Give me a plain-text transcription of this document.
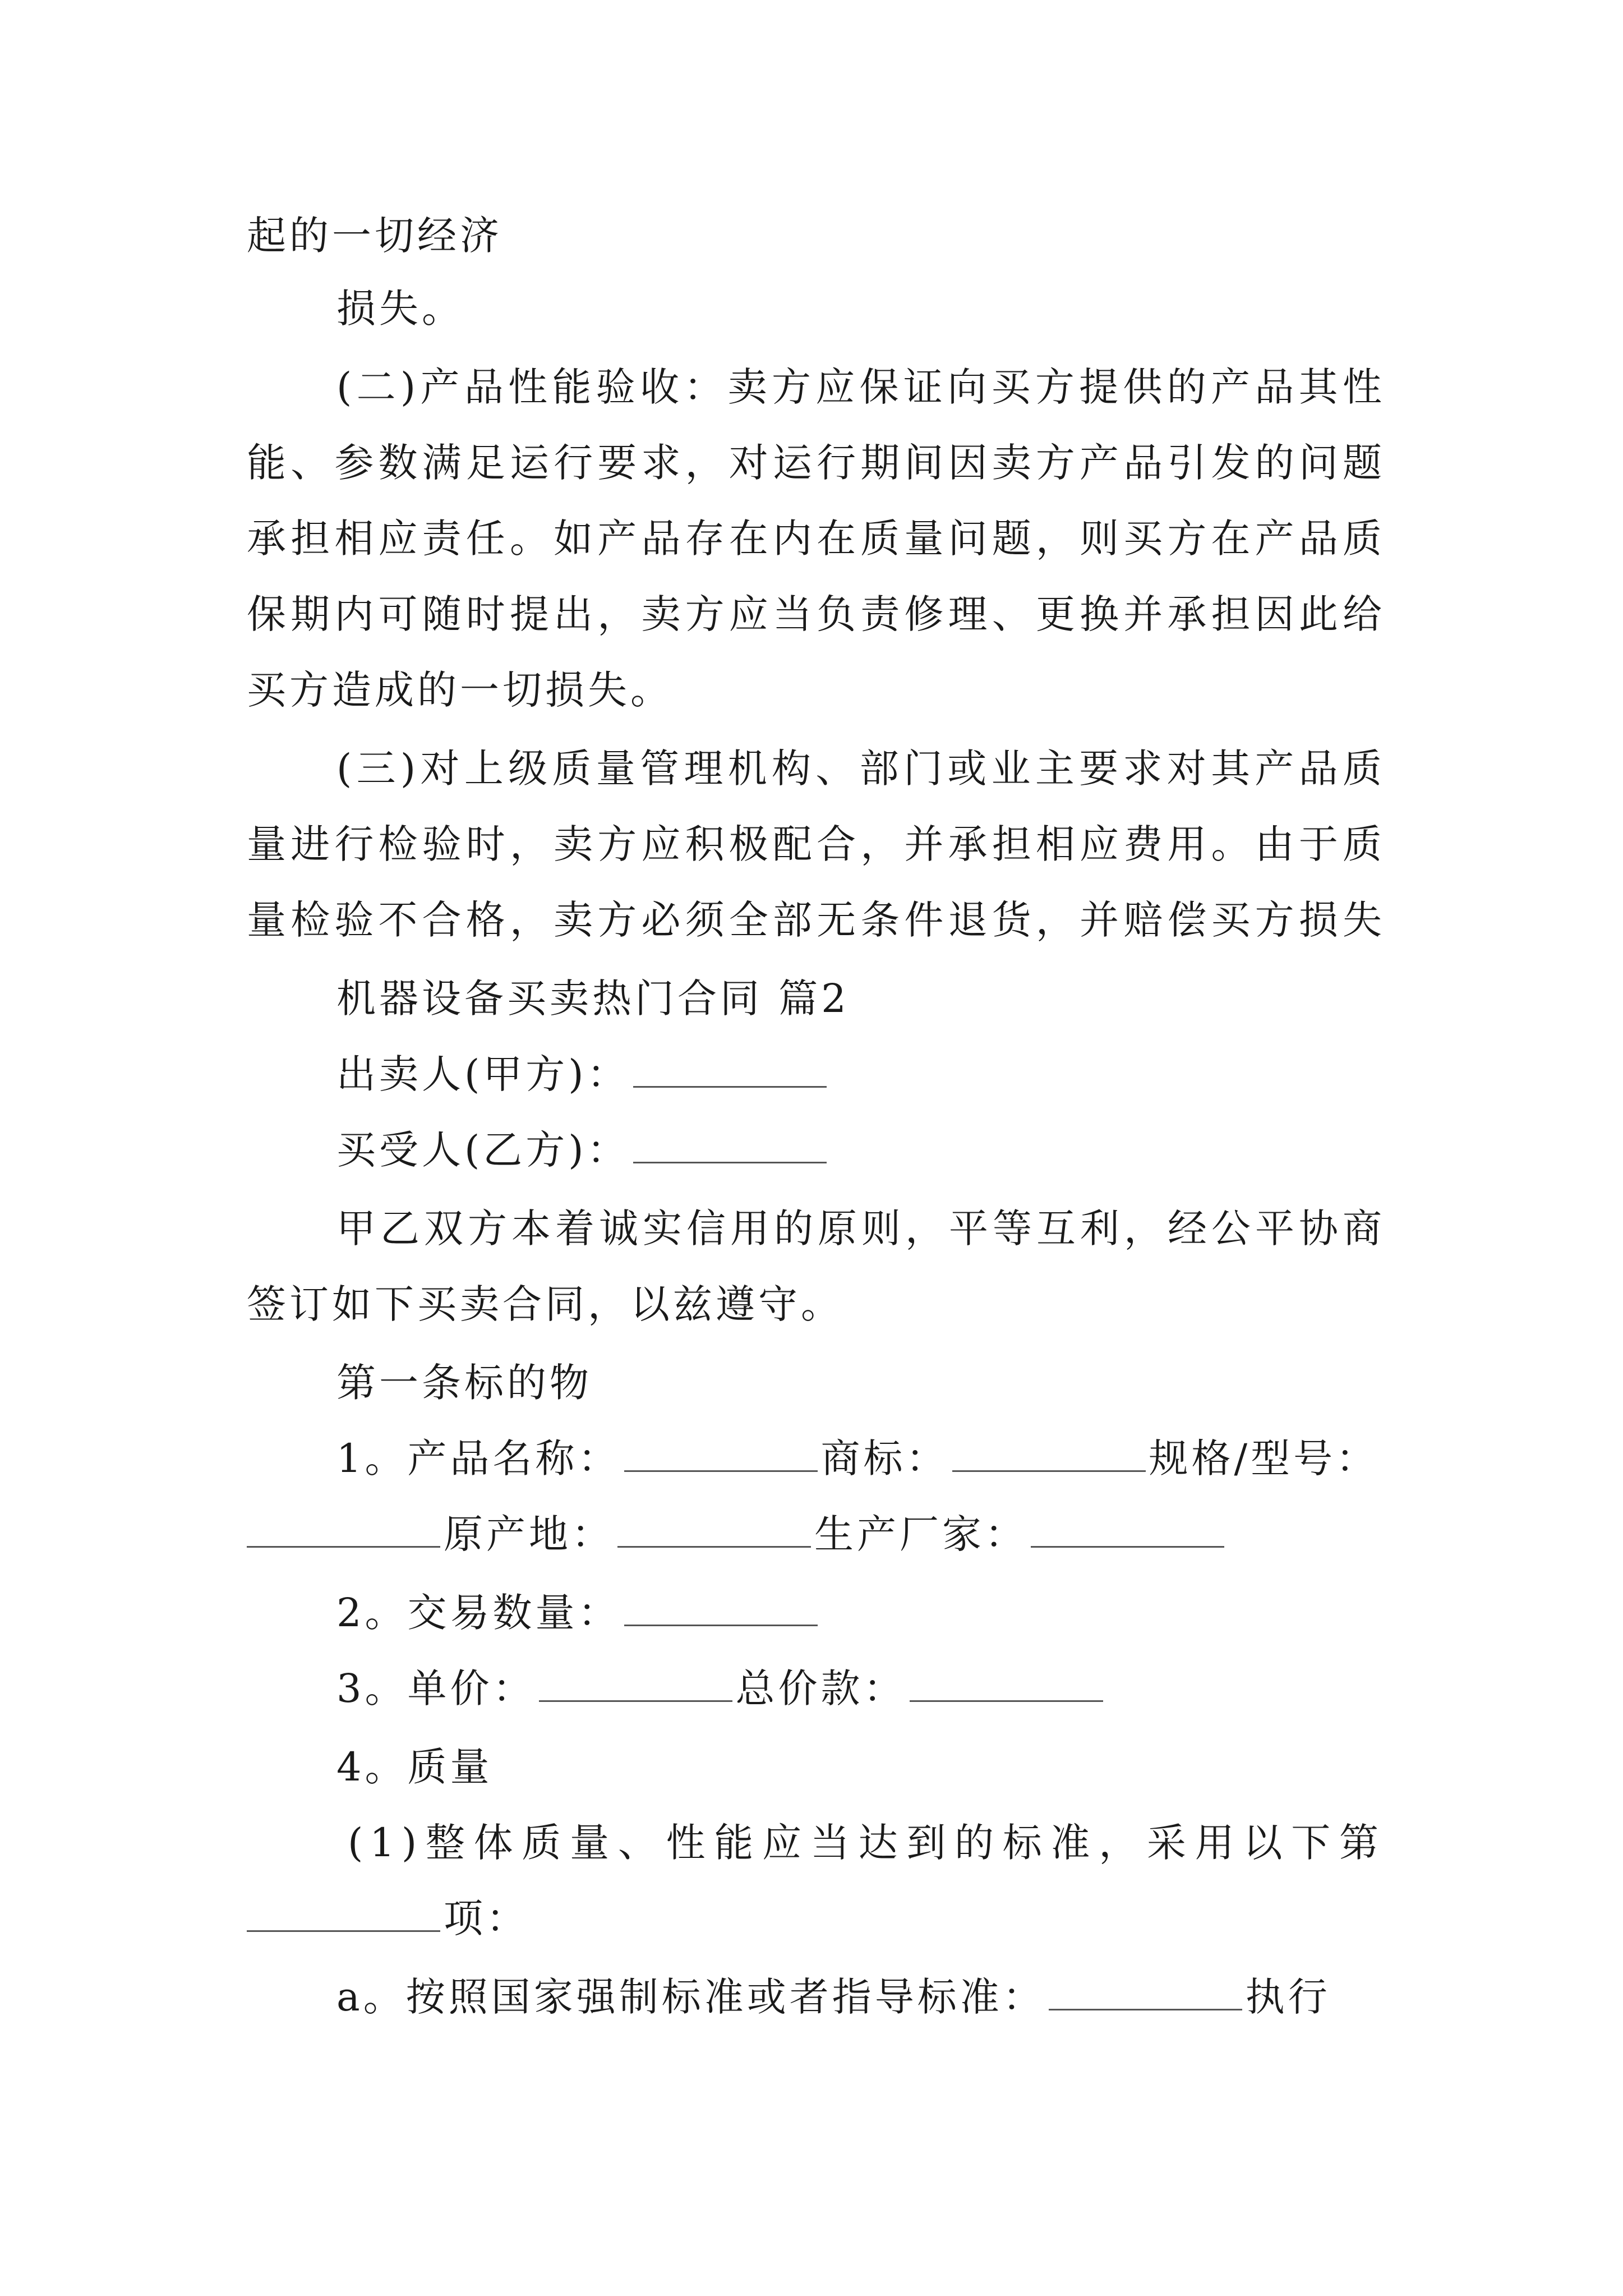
起的一切经济
损失。
(二)产品性能验收：卖方应保证向买方提供的产品其性
能、参数满足运行要求，对运行期间因卖方产品引发的问题
承担相应责任。如产品存在内在质量问题，则买方在产品质
保期内可随时提出，卖方应当负责修理、更换并承担因此给
买方造成的一切损失。
(三)对上级质量管理机构、部门或业主要求对其产品质
量进行检验时，卖方应积极配合，并承担相应费用。由于质
量检验不合格，卖方必须全部无条件退货，并赔偿买方损失
机器设备买卖热门合同 篇2
出卖人(甲方)：
买受人(乙方)：
甲乙双方本着诚实信用的原则，平等互利，经公平协商
签订如下买卖合同，以兹遵守。
第一条标的物
1。产品名称：	商标：	规格/型号：
原产地：	生产厂家：
2。交易数量：
3。单价：	总价款：
4。质量
(1)整体质量、性能应当达到的标准，采用以下第
项：
a。按照国家强制标准或者指导标准：	执行
